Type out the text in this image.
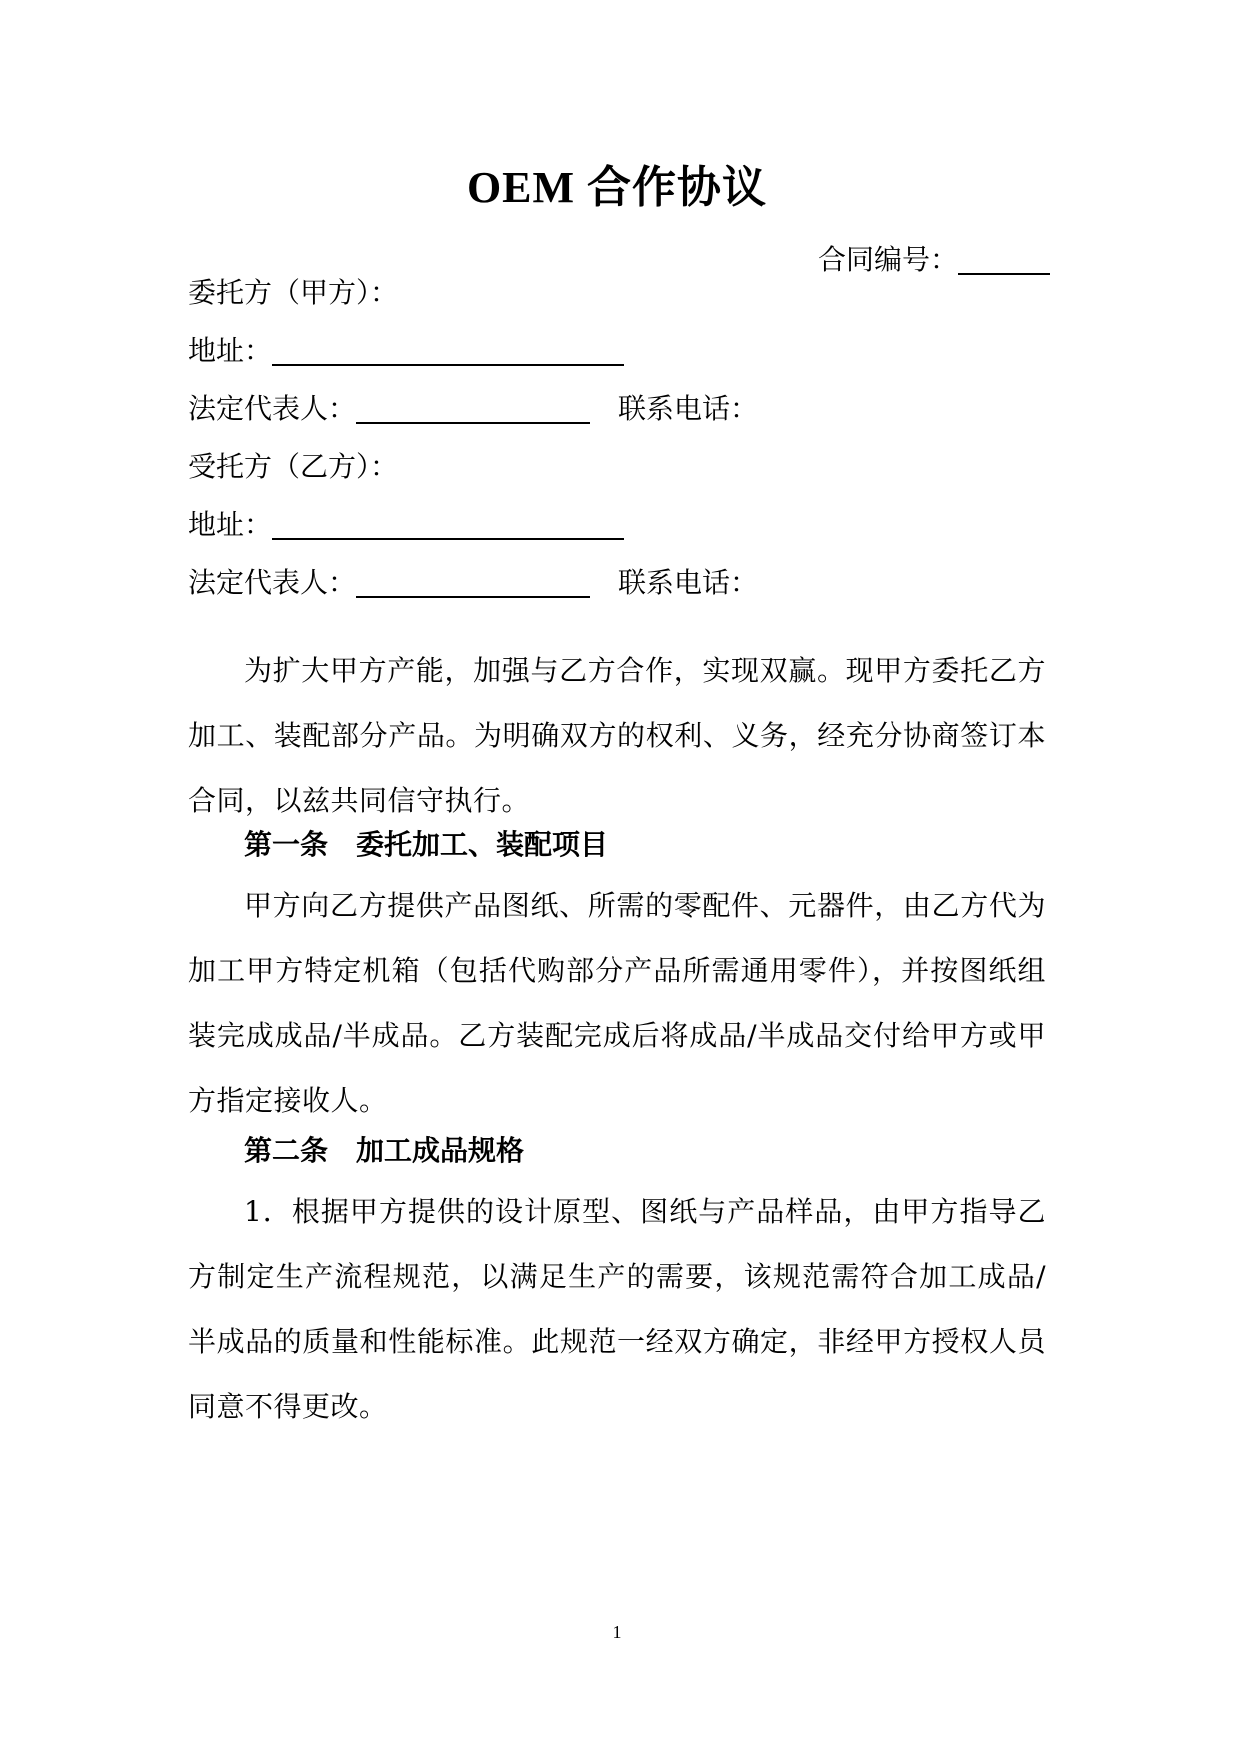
OEM 合作协议
合同编号：
委托方（甲方）：
地址：
法定代表人：	联系电话：
受托方（乙方）：
地址：
法定代表人：	联系电话：
为扩大甲方产能，加强与乙方合作，实现双赢。现甲方委托乙方加工、装配部分产品。为明确双方的权利、义务，经充分协商签订本合同，以兹共同信守执行。
第一条 委托加工、装配项目
甲方向乙方提供产品图纸、所需的零配件、元器件，由乙方代为加工甲方特定机箱（包括代购部分产品所需通用零件），并按图纸组装完成成品/半成品。乙方装配完成后将成品/半成品交付给甲方或甲方指定接收人。
第二条 加工成品规格
1．根据甲方提供的设计原型、图纸与产品样品，由甲方指导乙方制定生产流程规范，以满足生产的需要，该规范需符合加工成品/半成品的质量和性能标准。此规范一经双方确定，非经甲方授权人员同意不得更改。
1
